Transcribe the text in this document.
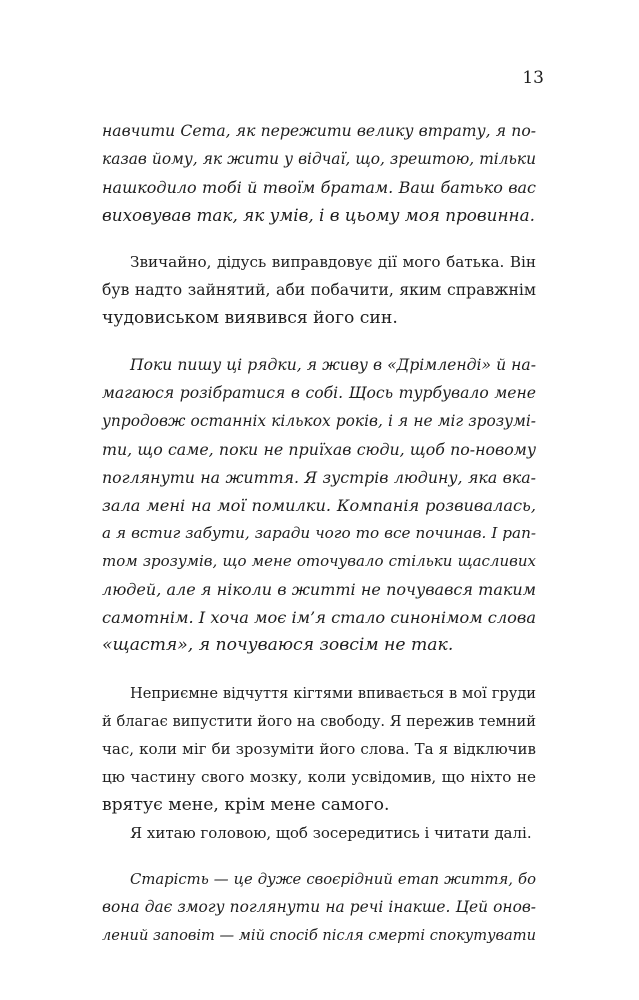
13
навчити Сета, як пережити велику втрату, я по-
казав йому, як жити у відчаї, що, зрештою, тільки
нашкодило тобі й твоїм братам. Ваш батько вас
виховував так, як умів, і в цьому моя провинна.
Звичайно, дідусь виправдовує дії мого батька. Він
був надто зайнятий, аби побачити, яким справжнім
чудовиськом виявився його син.
Поки пишу ці рядки, я живу в «Дрімленді» й на-
магаюся розібратися в собі. Щось турбувало мене
упродовж останніх кількох років, і я не міг зрозумі-
ти, що саме, поки не приїхав сюди, щоб по-новому
поглянути на життя. Я зустрів людину, яка вка-
зала мені на мої помилки. Компанія розвивалась,
а я встиг забути, заради чого то все починав. І рап-
том зрозумів, що мене оточувало стільки щасливих
людей, але я ніколи в житті не почувався таким
самотнім. І хоча моє ім’я стало синонімом слова
«щастя», я почуваюся зовсім не так.
Неприємне відчуття кігтями впивається в мої груди
й благає випустити його на свободу. Я пережив темний
час, коли міг би зрозуміти його слова. Та я відключив
цю частину свого мозку, коли усвідомив, що ніхто не
врятує мене, крім мене самого.
Я хитаю головою, щоб зосередитись і читати далі.
Старість — це дуже своєрідний етап життя, бо
вона дає змогу поглянути на речі інакше. Цей онов-
лений заповіт — мій спосіб після смерті спокутувати
